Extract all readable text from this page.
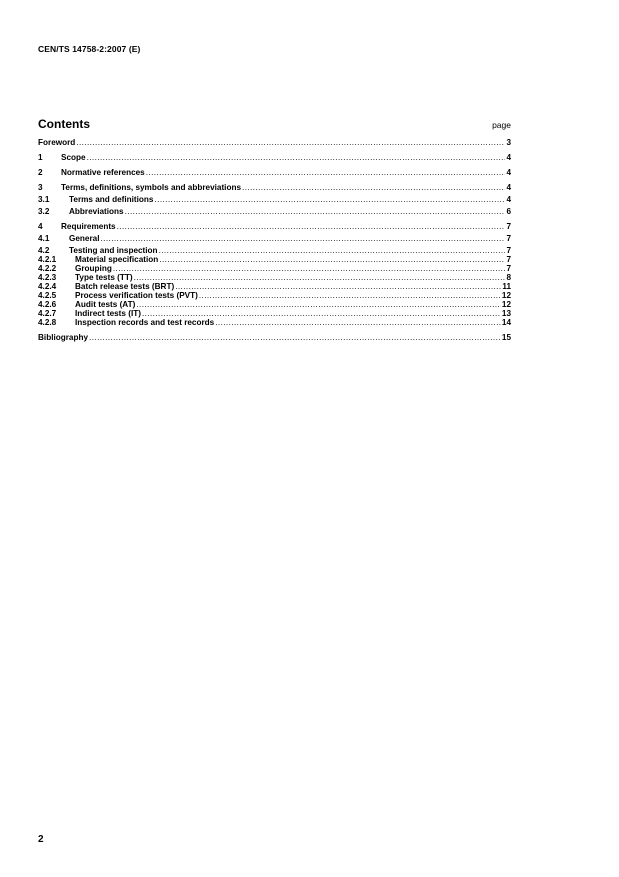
CEN/TS 14758-2:2007 (E)
Contents	page
Foreword .....	3
1	Scope .....	4
2	Normative references .....	4
3	Terms, definitions, symbols and abbreviations .....	4
3.1	Terms and definitions .....	4
3.2	Abbreviations .....	6
4	Requirements .....	7
4.1	General .....	7
4.2	Testing and inspection .....	7
4.2.1	Material specification .....	7
4.2.2	Grouping .....	7
4.2.3	Type tests (TT) .....	8
4.2.4	Batch release tests (BRT) .....	11
4.2.5	Process verification tests (PVT) .....	12
4.2.6	Audit tests (AT) .....	12
4.2.7	Indirect tests (IT) .....	13
4.2.8	Inspection records and test records .....	14
Bibliography .....	15
2
